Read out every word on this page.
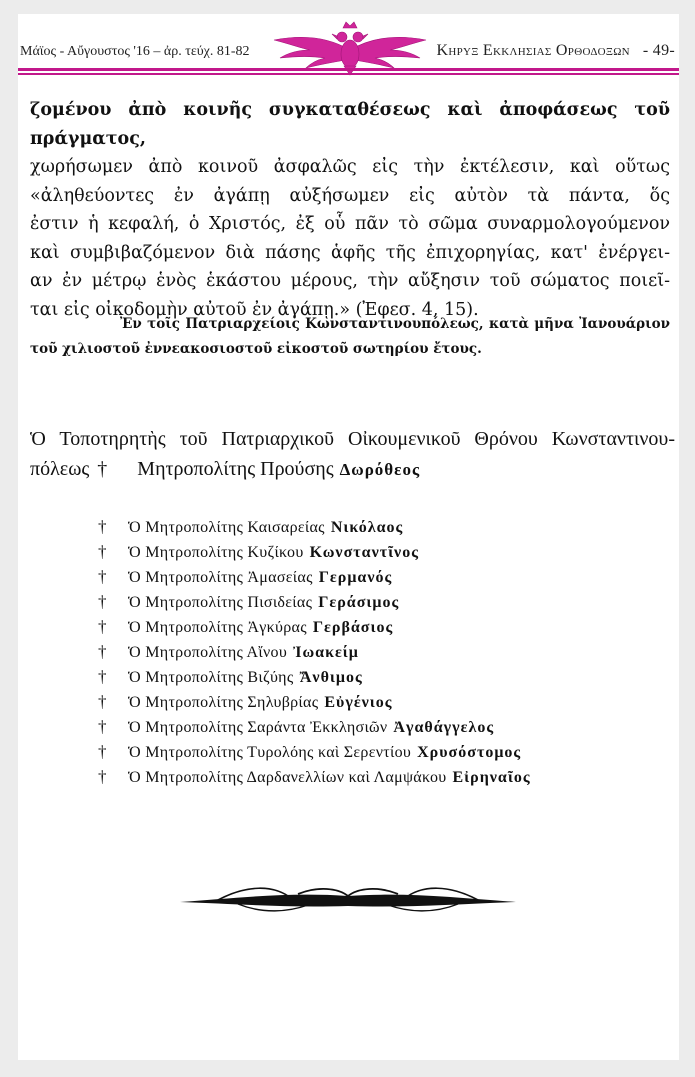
Μάϊος - Αὔγουστος '16 – ἀρ. τεύχ. 81-82	Κηρυξ Εκκλησιας Ορθοδοξων - 49-

ζομένου ἀπὸ κοινῆς συγκαταθέσεως καὶ ἀποφάσεως τοῦ πράγματος,

χωρήσωμεν ἀπὸ κοινοῦ ἀσφαλῶς εἰς τὴν ἐκτέλεσιν, καὶ οὕτως

«ἀληθεύοντες ἐν ἀγάπῃ αὐξήσωμεν εἰς αὐτὸν τὰ πάντα, ὅς

ἐστιν ἡ κεφαλή, ὁ Χριστός, ἐξ οὗ πᾶν τὸ σῶμα συναρμολογούμενον

καὶ συμβιβαζόμενον διὰ πάσης ἁφῆς τῆς ἐπιχορηγίας, κατ' ἐνέργει-

αν ἐν μέτρῳ ἑνὸς ἑκάστου μέρους, τὴν αὔξησιν τοῦ σώματος ποιεῖ-

ται εἰς οἰκοδομὴν αὐτοῦ ἐν ἀγάπῃ.» (Ἐφεσ. 4, 15).

Ἐν τοῖς Πατριαρχείοις Κωνσταντινουπόλεως, κατὰ μῆνα Ἰανουάριον

τοῦ χιλιοστοῦ ἐννεακοσιοστοῦ εἰκοστοῦ σωτηρίου ἔτους.

Ὁ Τοποτηρητὴς τοῦ Πατριαρχικοῦ Οἰκουμενικοῦ Θρόνου Κωνσταντινου-

πόλεως † Μητροπολίτης Προύσης Δωρόθεος

† Ὁ Μητροπολίτης Καισαρείας Νικόλαος
† Ὁ Μητροπολίτης Κυζίκου Κωνσταντῖνος
† Ὁ Μητροπολίτης Ἀμασείας Γερμανός
† Ὁ Μητροπολίτης Πισιδείας Γεράσιμος
† Ὁ Μητροπολίτης Ἀγκύρας Γερβάσιος
† Ὁ Μητροπολίτης Αἴνου Ἰωακείμ
† Ὁ Μητροπολίτης Βιζύης Ἄνθιμος
† Ὁ Μητροπολίτης Σηλυβρίας Εὐγένιος
† Ὁ Μητροπολίτης Σαράντα Ἐκκλησιῶν Ἀγαθάγγελος
† Ὁ Μητροπολίτης Τυρολόης καὶ Σερεντίου Χρυσόστομος
† Ὁ Μητροπολίτης Δαρδανελλίων καὶ Λαμψάκου Εἰρηναῖος
